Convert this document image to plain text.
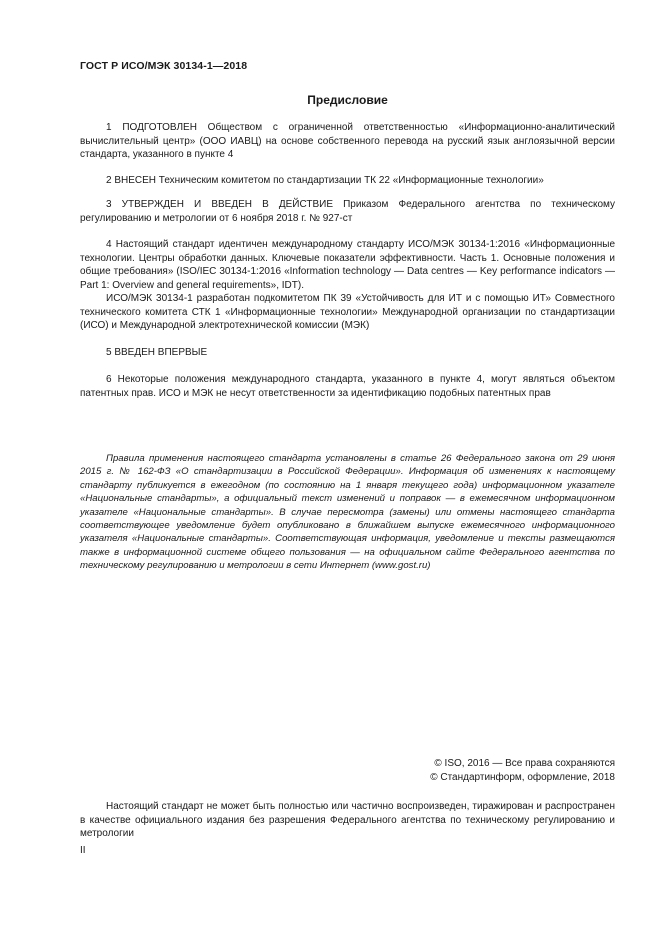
ГОСТ Р ИСО/МЭК 30134-1—2018
Предисловие

1 ПОДГОТОВЛЕН Обществом с ограниченной ответственностью «Информационно-аналитический вычислительный центр» (ООО ИАВЦ) на основе собственного перевода на русский язык англоязычной версии стандарта, указанного в пункте 4

2 ВНЕСЕН Техническим комитетом по стандартизации ТК 22 «Информационные технологии»

3 УТВЕРЖДЕН И ВВЕДЕН В ДЕЙСТВИЕ Приказом Федерального агентства по техническому регулированию и метрологии от 6 ноября 2018 г. № 927-ст

4 Настоящий стандарт идентичен международному стандарту ИСО/МЭК 30134-1:2016 «Информационные технологии. Центры обработки данных. Ключевые показатели эффективности. Часть 1. Основные положения и общие требования» (ISO/IEC 30134-1:2016 «Information technology — Data centres — Key performance indicators — Part 1: Overview and general requirements», IDT).

ИСО/МЭК 30134-1 разработан подкомитетом ПК 39 «Устойчивость для ИТ и с помощью ИТ» Совместного технического комитета СТК 1 «Информационные технологии» Международной организации по стандартизации (ИСО) и Международной электротехнической комиссии (МЭК)

5 ВВЕДЕН ВПЕРВЫЕ

6 Некоторые положения международного стандарта, указанного в пункте 4, могут являться объектом патентных прав. ИСО и МЭК не несут ответственности за идентификацию подобных патентных прав

Правила применения настоящего стандарта установлены в статье 26 Федерального закона от 29 июня 2015 г. № 162-ФЗ «О стандартизации в Российской Федерации». Информация об изменениях к настоящему стандарту публикуется в ежегодном (по состоянию на 1 января текущего года) информационном указателе «Национальные стандарты», а официальный текст изменений и поправок — в ежемесячном информационном указателе «Национальные стандарты». В случае пересмотра (замены) или отмены настоящего стандарта соответствующее уведомление будет опубликовано в ближайшем выпуске ежемесячного информационного указателя «Национальные стандарты». Соответствующая информация, уведомление и тексты размещаются также в информационной системе общего пользования — на официальном сайте Федерального агентства по техническому регулированию и метрологии в сети Интернет (www.gost.ru)

© ISO, 2016 — Все права сохраняются

© Стандартинформ, оформление, 2018

Настоящий стандарт не может быть полностью или частично воспроизведен, тиражирован и распространен в качестве официального издания без разрешения Федерального агентства по техническому регулированию и метрологии

II
